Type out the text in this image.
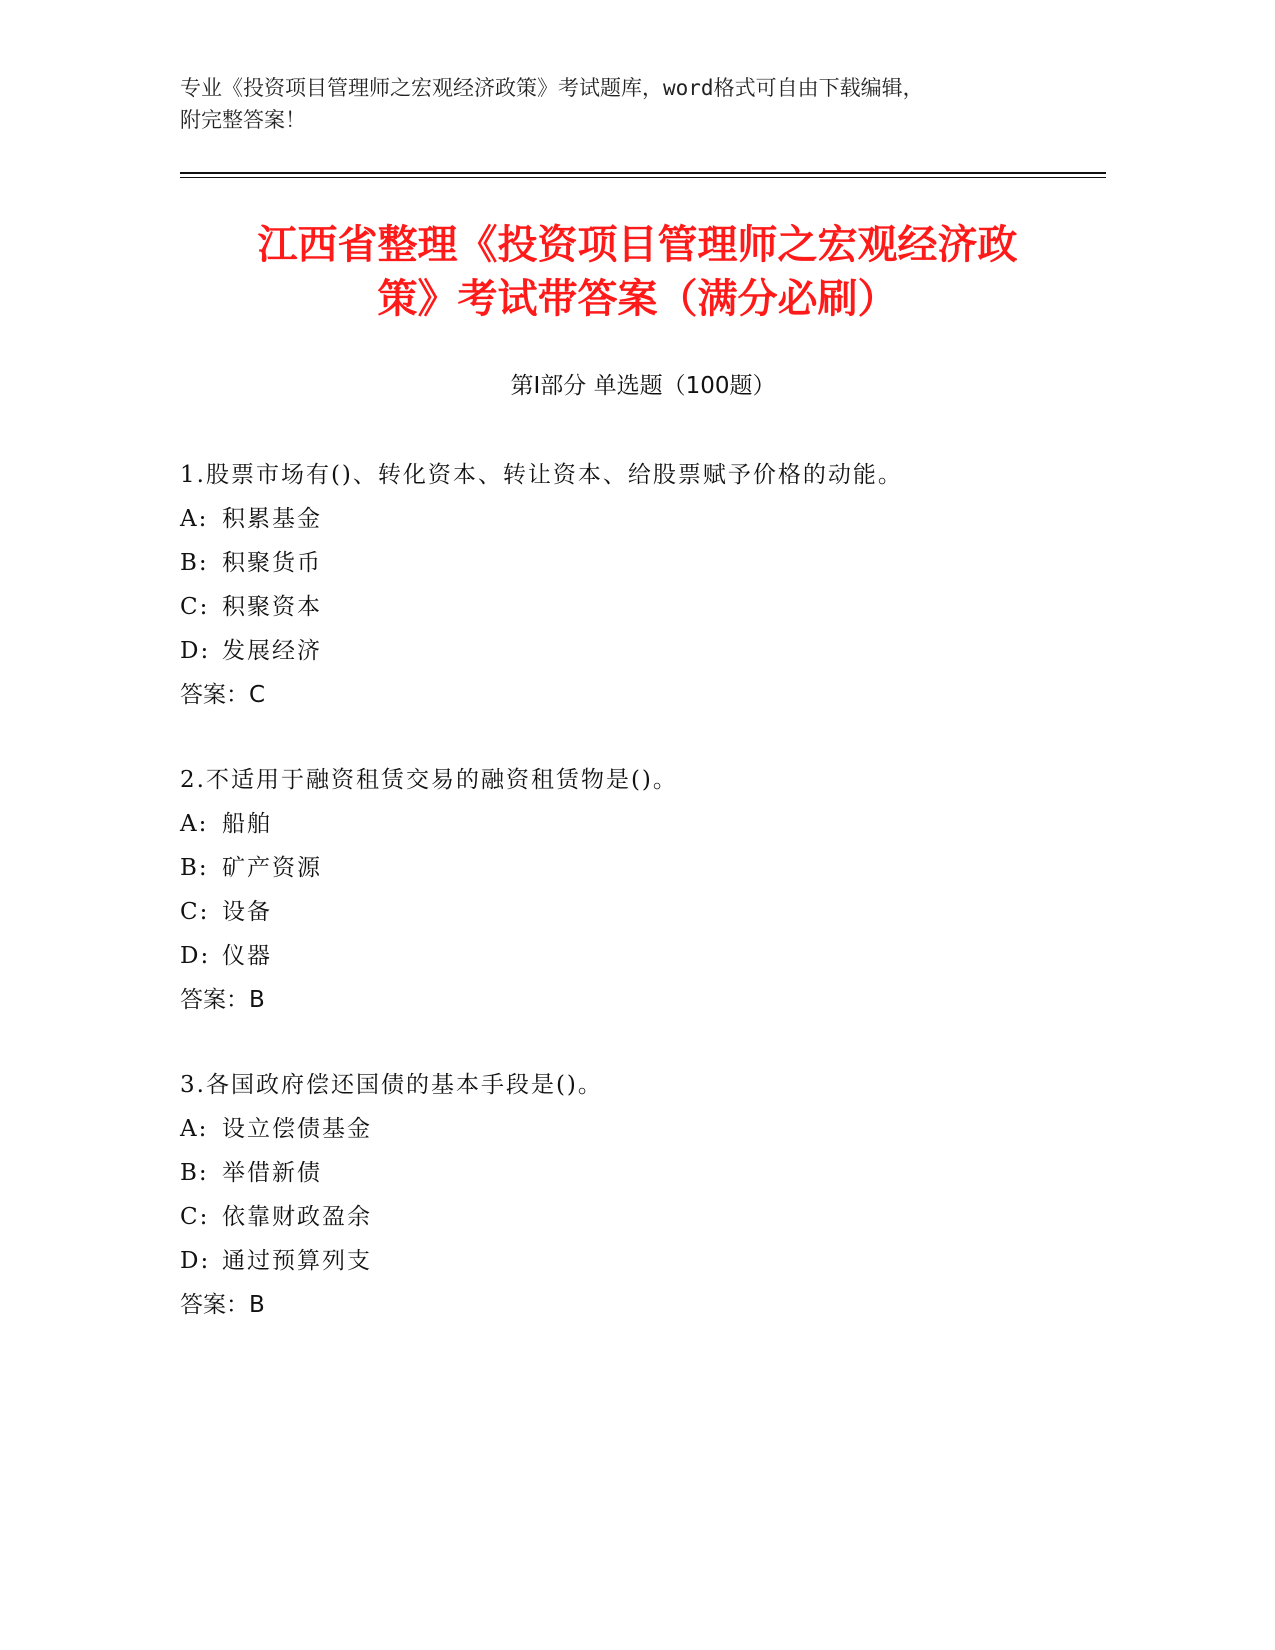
专业《投资项目管理师之宏观经济政策》考试题库，word格式可自由下载编辑，
附完整答案！
江西省整理《投资项目管理师之宏观经济政
策》考试带答案（满分必刷）
第Ⅰ部分 单选题（100题）
1.股票市场有()、转化资本、转让资本、给股票赋予价格的动能。
A: 积累基金
B: 积聚货币
C: 积聚资本
D: 发展经济
答案：C
2.不适用于融资租赁交易的融资租赁物是()。
A: 船舶
B: 矿产资源
C: 设备
D: 仪器
答案：B
3.各国政府偿还国债的基本手段是()。
A: 设立偿债基金
B: 举借新债
C: 依靠财政盈余
D: 通过预算列支
答案：B
